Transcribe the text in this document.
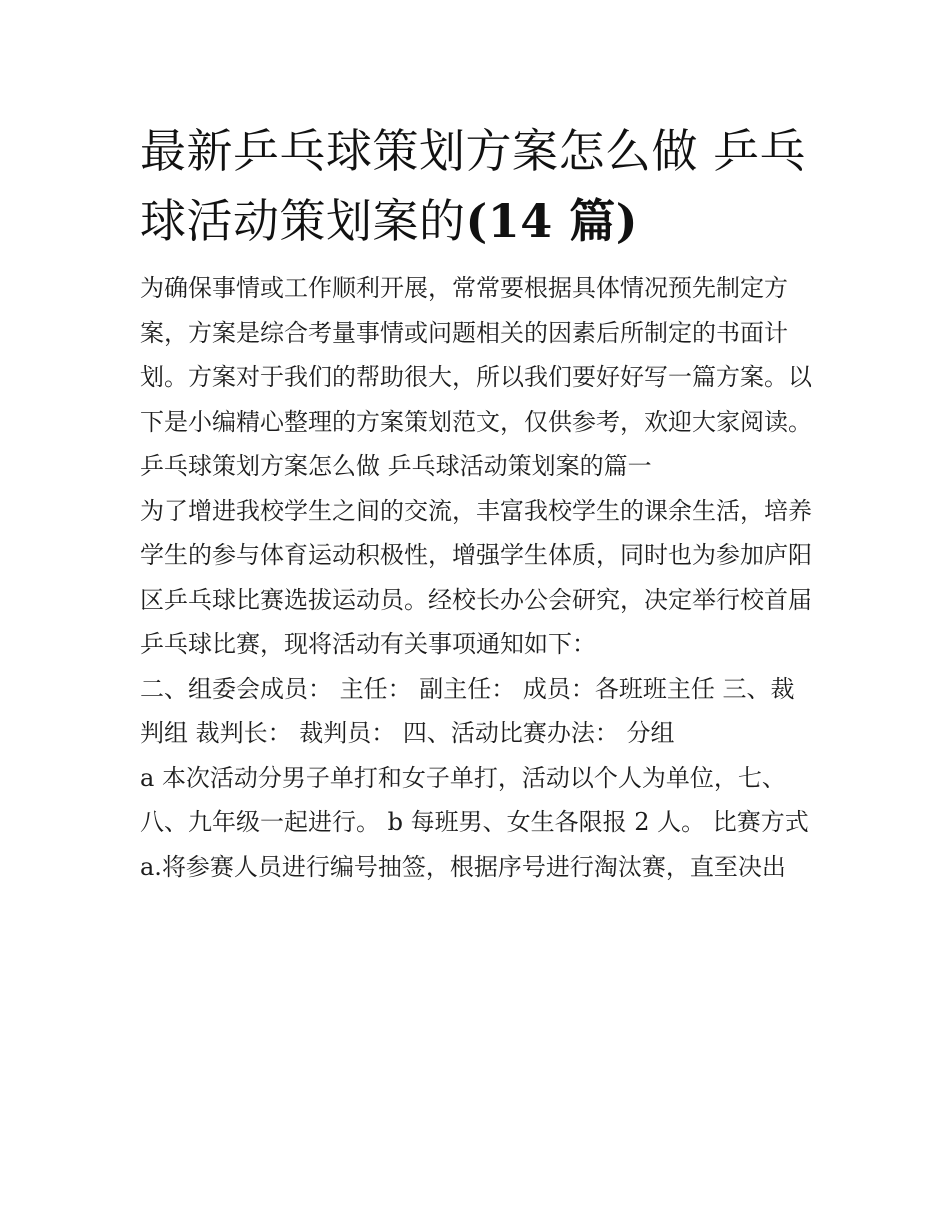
最新乒乓球策划方案怎么做 乒乓球活动策划案的(14 篇)

为确保事情或工作顺利开展，常常要根据具体情况预先制定方案，方案是综合考量事情或问题相关的因素后所制定的书面计划。方案对于我们的帮助很大，所以我们要好好写一篇方案。以下是小编精心整理的方案策划范文，仅供参考，欢迎大家阅读。

乒乓球策划方案怎么做 乒乓球活动策划案的篇一

为了增进我校学生之间的交流，丰富我校学生的课余生活，培养学生的参与体育运动积极性，增强学生体质，同时也为参加庐阳区乒乓球比赛选拔运动员。经校长办公会研究，决定举行校首届乒乓球比赛，现将活动有关事项通知如下：

二、组委会成员： 主任： 副主任： 成员：各班班主任 三、裁判组 裁判长： 裁判员： 四、活动比赛办法： 分组

a 本次活动分男子单打和女子单打，活动以个人为单位，七、八、九年级一起进行。 b 每班男、女生各限报 2 人。 比赛方式

a.将参赛人员进行编号抽签，根据序号进行淘汰赛，直至决出
